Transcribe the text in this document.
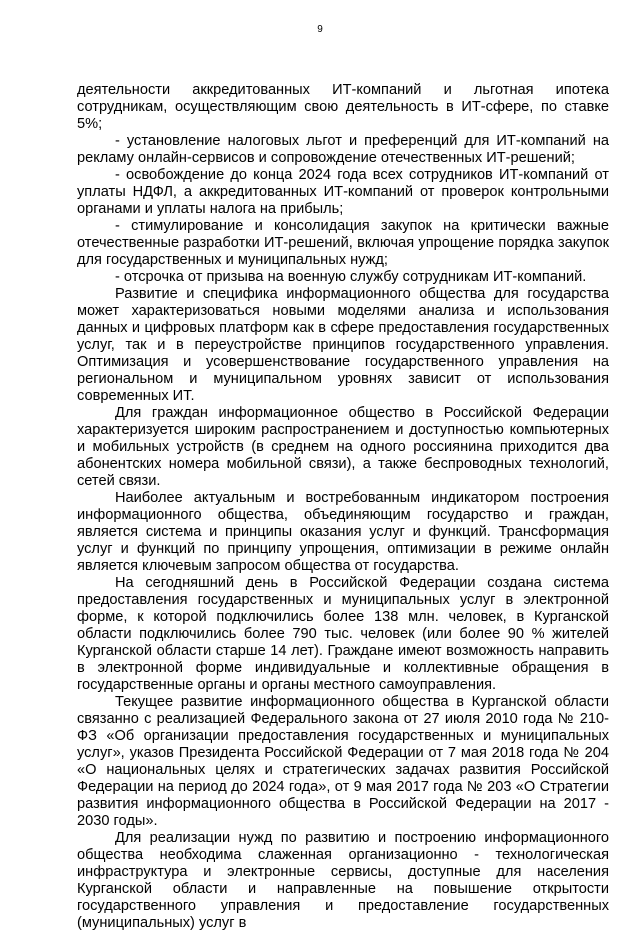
9

деятельности аккредитованных ИТ-компаний и льготная ипотека сотрудникам, осуществляющим свою деятельность в ИТ-сфере, по ставке 5%;

- установление налоговых льгот и преференций для ИТ-компаний на рекламу онлайн-сервисов и сопровождение отечественных ИТ-решений;

- освобождение до конца 2024 года всех сотрудников ИТ-компаний от уплаты НДФЛ, а аккредитованных ИТ-компаний от проверок контрольными органами и уплаты налога на прибыль;

- стимулирование и консолидация закупок на критически важные отечественные разработки ИТ-решений, включая упрощение порядка закупок для государственных и муниципальных нужд;

- отсрочка от призыва на военную службу сотрудникам ИТ-компаний.

Развитие и специфика информационного общества для государства может характеризоваться новыми моделями анализа и использования данных и цифровых платформ как в сфере предоставления государственных услуг, так и в переустройстве принципов государственного управления. Оптимизация и усовершенствование государственного управления на региональном и муниципальном уровнях зависит от использования современных ИТ.

Для граждан информационное общество в Российской Федерации характеризуется широким распространением и доступностью компьютерных и мобильных устройств (в среднем на одного россиянина приходится два абонентских номера мобильной связи), а также беспроводных технологий, сетей связи.

Наиболее актуальным и востребованным индикатором построения информационного общества, объединяющим государство и граждан, является система и принципы оказания услуг и функций. Трансформация услуг и функций по принципу упрощения, оптимизации в режиме онлайн является ключевым запросом общества от государства.

На сегодняшний день в Российской Федерации создана система предоставления государственных и муниципальных услуг в электронной форме, к которой подключились более 138 млн. человек, в Курганской области подключились более 790 тыс. человек (или более 90 % жителей Курганской области старше 14 лет). Граждане имеют возможность направить в электронной форме индивидуальные и коллективные обращения в государственные органы и органы местного самоуправления.

Текущее развитие информационного общества в Курганской области связанно с реализацией Федерального закона от 27 июля 2010 года № 210-ФЗ «Об организации предоставления государственных и муниципальных услуг», указов Президента Российской Федерации от 7 мая 2018 года № 204 «О национальных целях и стратегических задачах развития Российской Федерации на период до 2024 года», от 9 мая 2017 года № 203 «О Стратегии развития информационного общества в Российской Федерации на 2017 - 2030 годы».

Для реализации нужд по развитию и построению информационного общества необходима слаженная организационно - технологическая инфраструктура и электронные сервисы, доступные для населения Курганской области и направленные на повышение открытости государственного управления и предоставление государственных (муниципальных) услуг в
